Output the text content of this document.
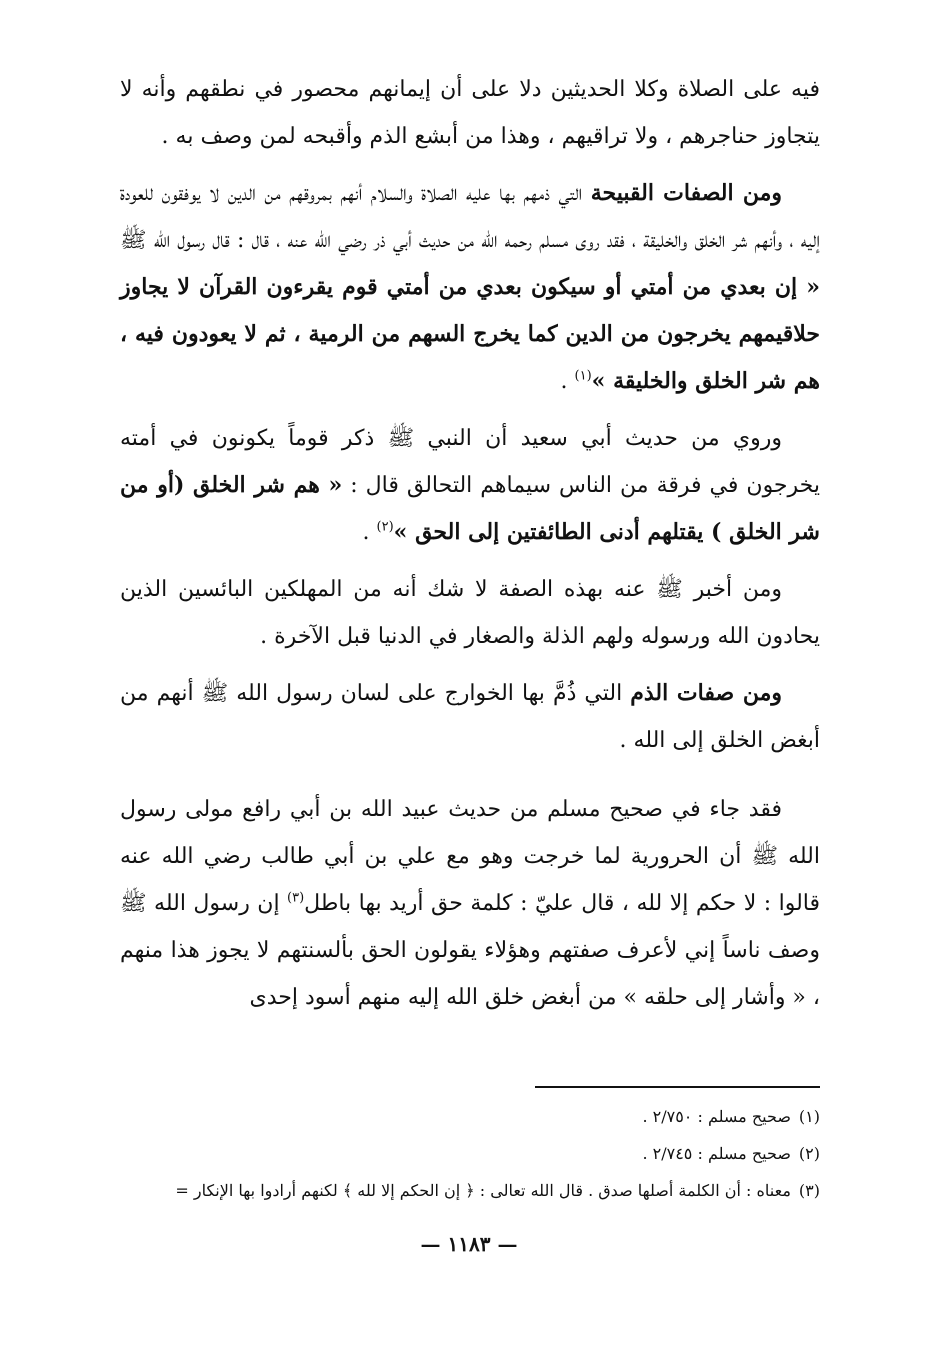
فيه على الصلاة وكلا الحديثين دلا على أن إيمانهم محصور في نطقهم وأنه لا يتجاوز حناجرهم ، ولا تراقيهم ، وهذا من أبشع الذم وأقبحه لمن وصف به .

ومن الصفات القبيحة التي ذمهم بها عليه الصلاة والسلام أنهم بمروقهم من الدين لا يوفقون للعودة إليه ، وأنهم شر الخلق والخليقة ، فقد روى مسلم رحمه الله من حديث أبي ذر رضي الله عنه ، قال : قال رسول الله ﷺ « إن بعدي من أمتي أو سيكون بعدي من أمتي قوم يقرءون القرآن لا يجاوز حلاقيمهم يخرجون من الدين كما يخرج السهم من الرمية ، ثم لا يعودون فيه ، هم شر الخلق والخليقة »$^{(١)}$ .

وروي من حديث أبي سعيد أن النبي ﷺ ذكر قوماً يكونون في أمته يخرجون في فرقة من الناس سيماهم التحالق قال : « هم شر الخلق (أو من شر الخلق ) يقتلهم أدنى الطائفتين إلى الحق »$^{(٢)}$ .

ومن أخبر ﷺ عنه بهذه الصفة لا شك أنه من المهلكين البائسين الذين يحادون الله ورسوله ولهم الذلة والصغار في الدنيا قبل الآخرة .

ومن صفات الذم التي ذُمَّ بها الخوارج على لسان رسول الله ﷺ أنهم من أبغض الخلق إلى الله .

فقد جاء في صحيح مسلم من حديث عبيد الله بن أبي رافع مولى رسول الله ﷺ أن الحرورية لما خرجت وهو مع علي بن أبي طالب رضي الله عنه قالوا : لا حكم إلا لله ، قال عليّ : كلمة حق أريد بها باطل$^{(٣)}$ إن رسول الله ﷺ وصف ناساً إني لأعرف صفتهم وهؤلاء يقولون الحق بألسنتهم لا يجوز هذا منهم ، « وأشار إلى حلقه » من أبغض خلق الله إليه منهم أسود إحدى

(١)صحيح مسلم : ٢/٧٥٠ .

(٢)صحيح مسلم : ٢/٧٤٥ .

(٣)معناه : أن الكلمة أصلها صدق . قال الله تعالى : ﴿ إن الحكم إلا لله ﴾ لكنهم أرادوا بها الإنكار =

— ١١٨٣ —
